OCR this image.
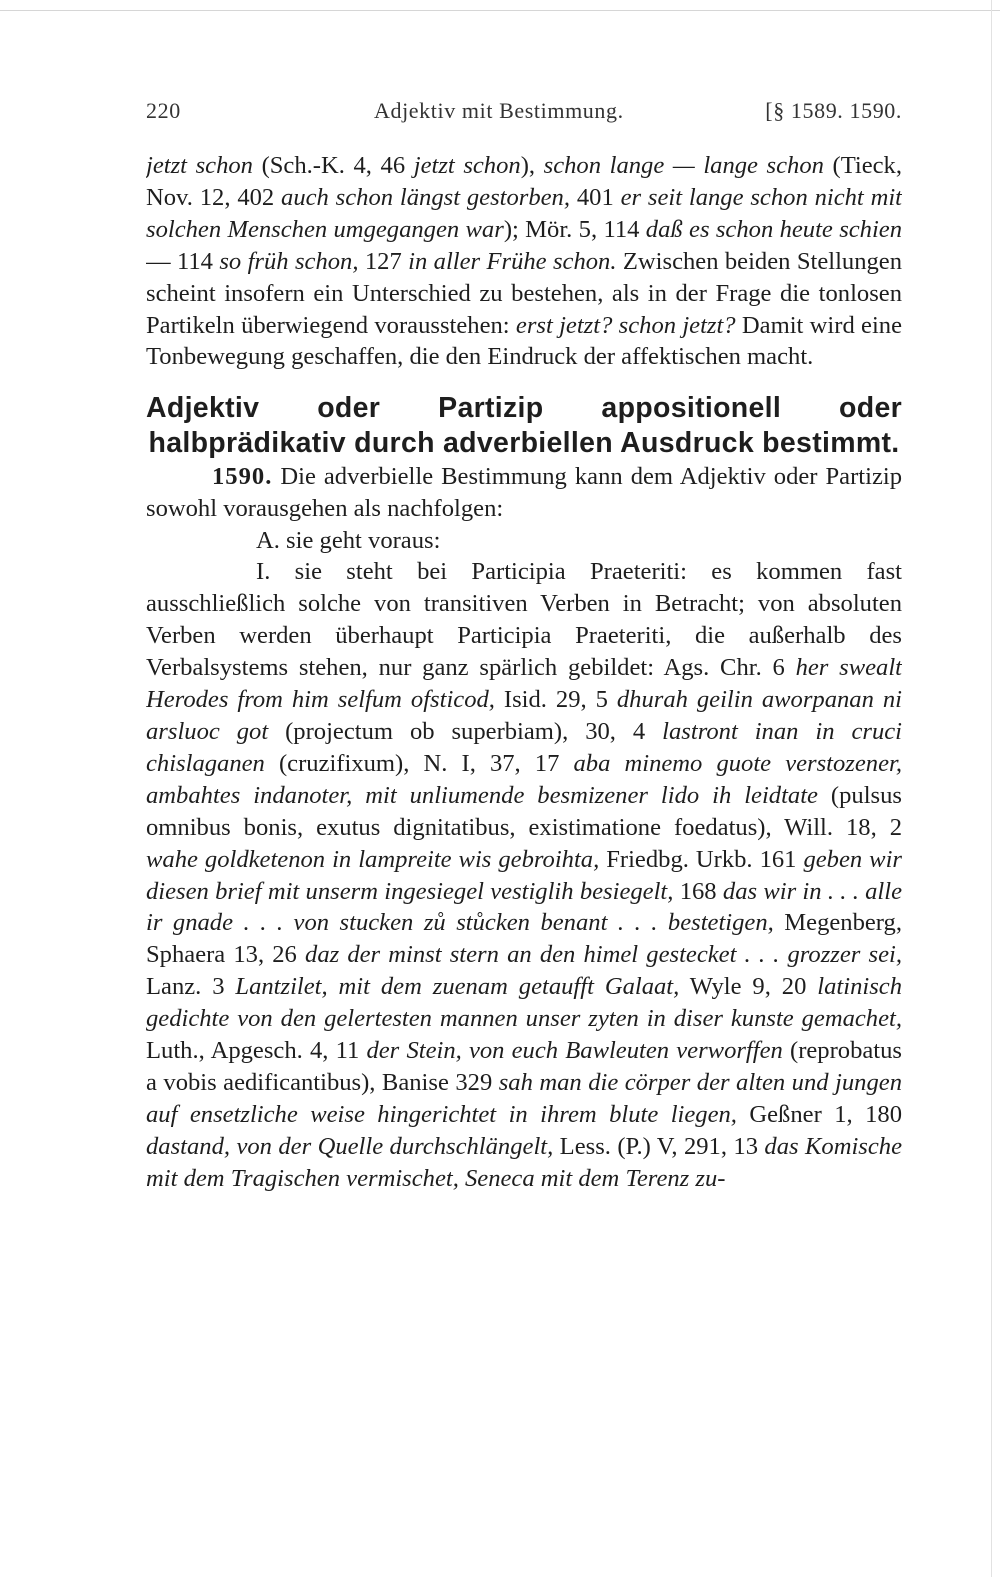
220	Adjektiv mit Bestimmung.	[§ 1589. 1590.

jetzt schon (Sch.-K. 4, 46 jetzt schon), schon lange — lange schon (Tieck, Nov. 12, 402 auch schon längst gestorben, 401 er seit lange schon nicht mit solchen Menschen umgegangen war); Mör. 5, 114 daß es schon heute schien — 114 so früh schon, 127 in aller Frühe schon. Zwischen beiden Stellungen scheint insofern ein Unterschied zu bestehen, als in der Frage die tonlosen Partikeln überwiegend vorausstehen: erst jetzt? schon jetzt? Damit wird eine Tonbewegung geschaffen, die den Eindruck der affektischen macht.

Adjektiv oder Partizip appositionell oder halbprädikativ durch adverbiellen Ausdruck bestimmt.

1590. Die adverbielle Bestimmung kann dem Adjektiv oder Partizip sowohl vorausgehen als nachfolgen:

A. sie geht voraus:

I. sie steht bei Participia Praeteriti: es kommen fast ausschließlich solche von transitiven Verben in Betracht; von absoluten Verben werden überhaupt Participia Praeteriti, die außerhalb des Verbalsystems stehen, nur ganz spärlich gebildet: Ags. Chr. 6 her swealt Herodes from him selfum ofsticod, Isid. 29, 5 dhurah geilin aworpanan ni arsluoc got (projectum ob superbiam), 30, 4 lastront inan in cruci chislaganen (cruzifixum), N. I, 37, 17 aba minemo guote verstozener, ambahtes indanoter, mit unliumende besmizener lido ih leidtate (pulsus omnibus bonis, exutus dignitatibus, existimatione foedatus), Will. 18, 2 wahe goldketenon in lampreite wis gebroihta, Friedbg. Urkb. 161 geben wir diesen brief mit unserm ingesiegel vestiglih besiegelt, 168 das wir in . . . alle ir gnade . . . von stucken zů stůcken benant . . . bestetigen, Megenberg, Sphaera 13, 26 daz der minst stern an den himel gestecket . . . grozzer sei, Lanz. 3 Lantzilet, mit dem zuenam getaufft Galaat, Wyle 9, 20 latinisch gedichte von den gelertesten mannen unser zyten in diser kunste gemachet, Luth., Apgesch. 4, 11 der Stein, von euch Bawleuten verworffen (reprobatus a vobis aedificantibus), Banise 329 sah man die cörper der alten und jungen auf ensetzliche weise hingerichtet in ihrem blute liegen, Geßner 1, 180 dastand, von der Quelle durchschlängelt, Less. (P.) V, 291, 13 das Komische mit dem Tragischen vermischet, Seneca mit dem Terenz zu-
